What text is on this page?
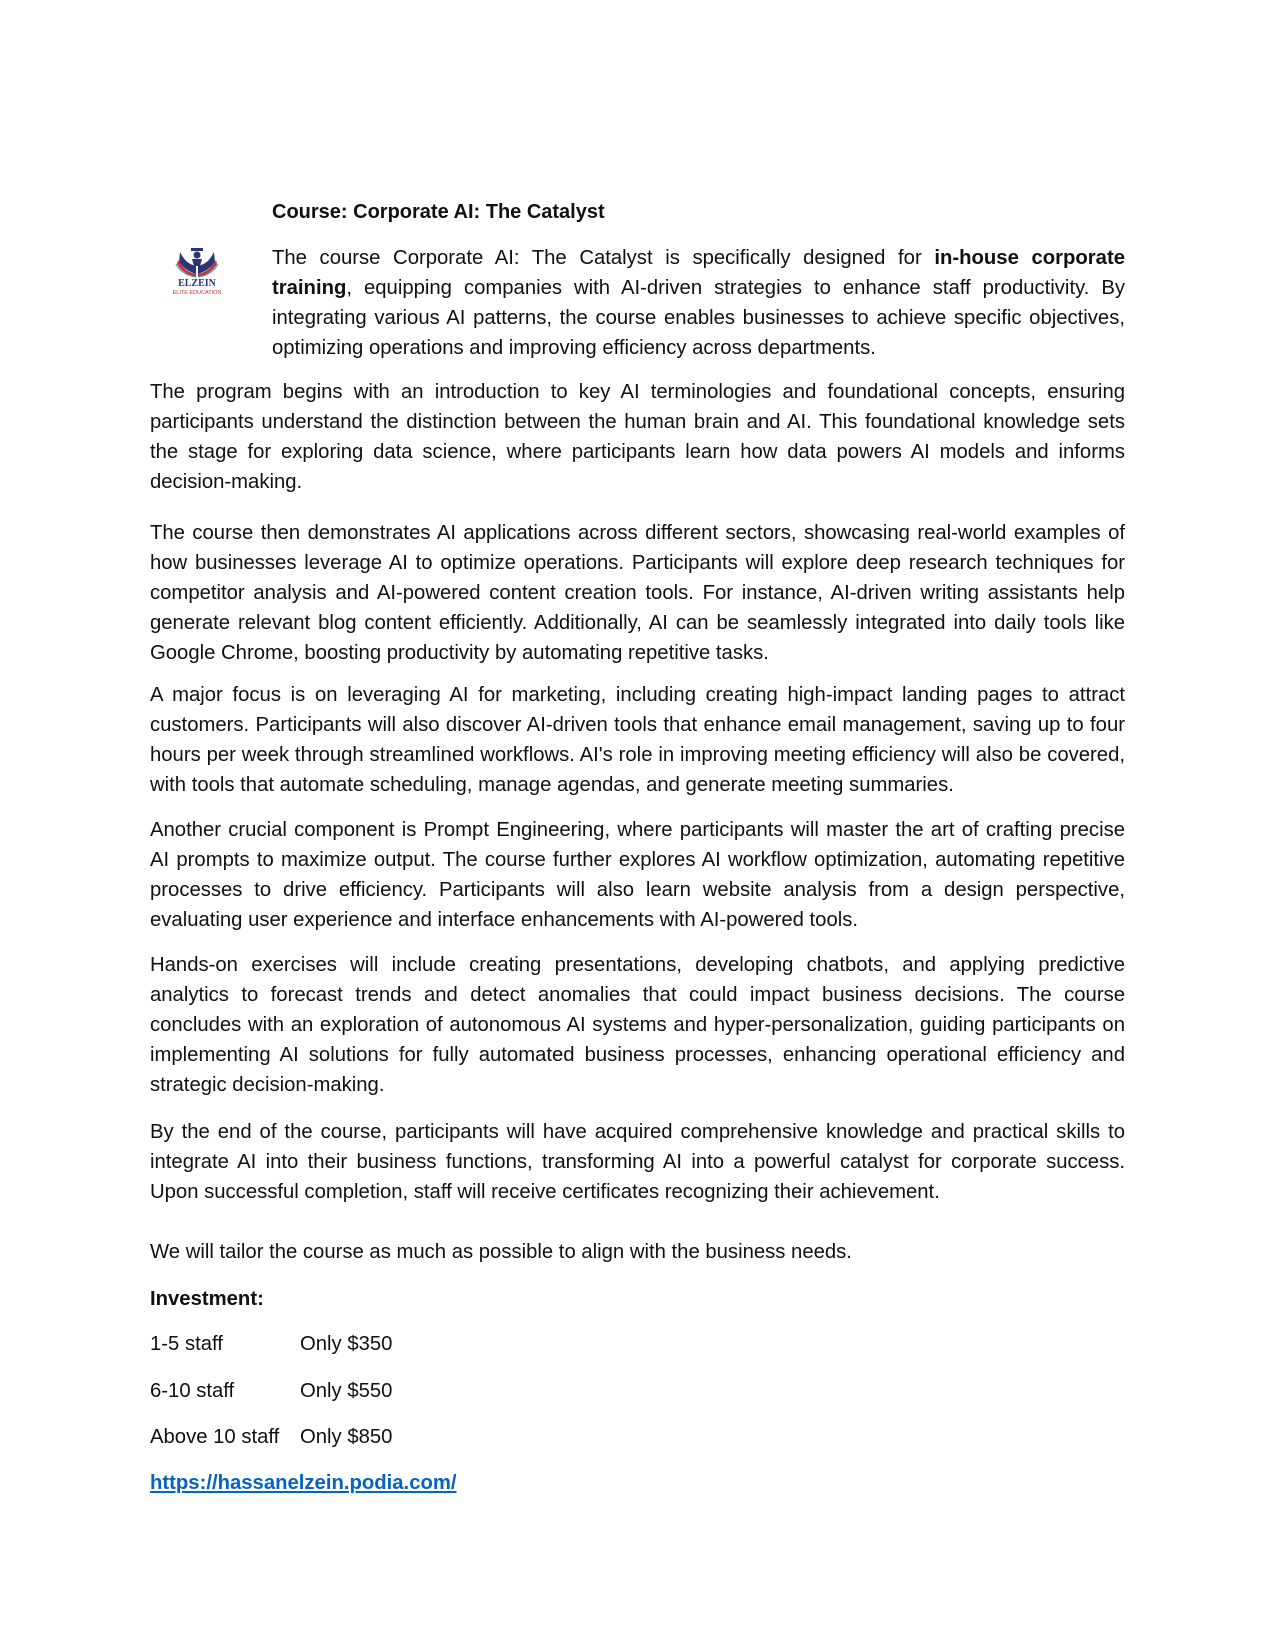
Course: Corporate AI: The Catalyst
ELZEIN
ELITE EDUCATION

The course Corporate AI: The Catalyst is specifically designed for in-house corporate training, equipping companies with AI-driven strategies to enhance staff productivity. By integrating various AI patterns, the course enables businesses to achieve specific objectives, optimizing operations and improving efficiency across departments.

The program begins with an introduction to key AI terminologies and foundational concepts, ensuring participants understand the distinction between the human brain and AI. This foundational knowledge sets the stage for exploring data science, where participants learn how data powers AI models and informs decision-making.

The course then demonstrates AI applications across different sectors, showcasing real-world examples of how businesses leverage AI to optimize operations. Participants will explore deep research techniques for competitor analysis and AI-powered content creation tools. For instance, AI-driven writing assistants help generate relevant blog content efficiently. Additionally, AI can be seamlessly integrated into daily tools like Google Chrome, boosting productivity by automating repetitive tasks.

A major focus is on leveraging AI for marketing, including creating high-impact landing pages to attract customers. Participants will also discover AI-driven tools that enhance email management, saving up to four hours per week through streamlined workflows. AI's role in improving meeting efficiency will also be covered, with tools that automate scheduling, manage agendas, and generate meeting summaries.

Another crucial component is Prompt Engineering, where participants will master the art of crafting precise AI prompts to maximize output. The course further explores AI workflow optimization, automating repetitive processes to drive efficiency. Participants will also learn website analysis from a design perspective, evaluating user experience and interface enhancements with AI-powered tools.

Hands-on exercises will include creating presentations, developing chatbots, and applying predictive analytics to forecast trends and detect anomalies that could impact business decisions. The course concludes with an exploration of autonomous AI systems and hyper-personalization, guiding participants on implementing AI solutions for fully automated business processes, enhancing operational efficiency and strategic decision-making.

By the end of the course, participants will have acquired comprehensive knowledge and practical skills to integrate AI into their business functions, transforming AI into a powerful catalyst for corporate success. Upon successful completion, staff will receive certificates recognizing their achievement.

We will tailor the course as much as possible to align with the business needs.

Investment:

1-5 staff	Only $350
6-10 staff	Only $550
Above 10 staff	Only $850
https://hassanelzein.podia.com/
